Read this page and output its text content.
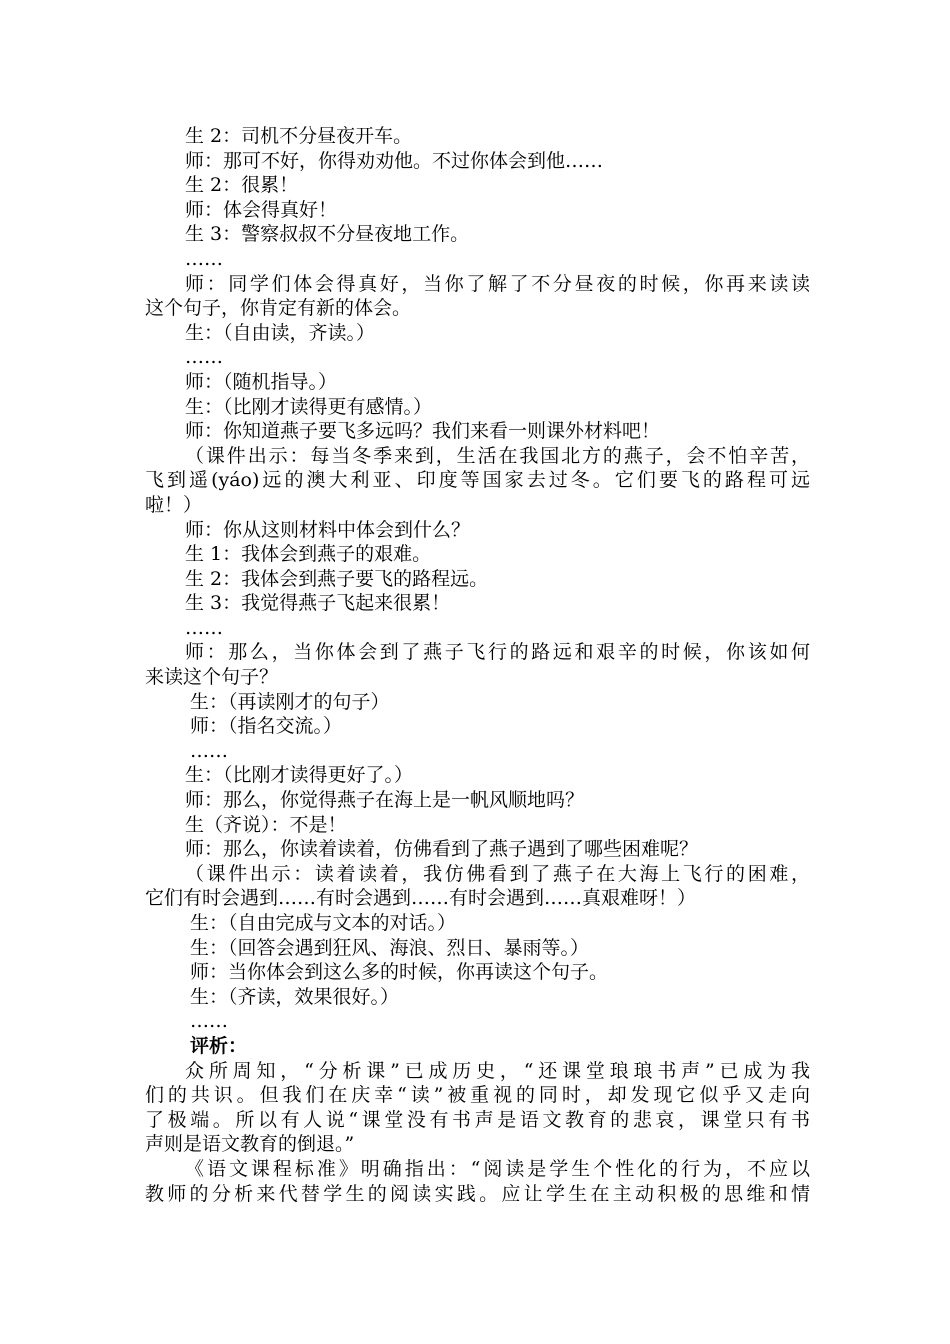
生 2：司机不分昼夜开车。
师：那可不好，你得劝劝他。不过你体会到他……
生 2：很累！
师：体会得真好！
生 3：警察叔叔不分昼夜地工作。
……
师：同学们体会得真好，当你了解了不分昼夜的时候，你再来读读
这个句子，你肯定有新的体会。
生：（自由读，齐读。）
……
师：（随机指导。）
生：（比刚才读得更有感情。）
师：你知道燕子要飞多远吗？我们来看一则课外材料吧！
（课件出示：每当冬季来到，生活在我国北方的燕子，会不怕辛苦，
飞到遥(yáo)远的澳大利亚、印度等国家去过冬。它们要飞的路程可远
啦！）
师：你从这则材料中体会到什么？
生 1：我体会到燕子的艰难。
生 2：我体会到燕子要飞的路程远。
生 3：我觉得燕子飞起来很累！
……
师：那么，当你体会到了燕子飞行的路远和艰辛的时候，你该如何
来读这个句子？
生：（再读刚才的句子）
师：（指名交流。）
……
生：（比刚才读得更好了。）
师：那么，你觉得燕子在海上是一帆风顺地吗？
生（齐说）：不是！
师：那么，你读着读着，仿佛看到了燕子遇到了哪些困难呢？
（课件出示：读着读着，我仿佛看到了燕子在大海上飞行的困难，
它们有时会遇到……有时会遇到……有时会遇到……真艰难呀！）
生：（自由完成与文本的对话。）
生：（回答会遇到狂风、海浪、烈日、暴雨等。）
师：当你体会到这么多的时候，你再读这个句子。
生：（齐读，效果很好。）
……
评析：
众所周知，“分析课”已成历史，“还课堂琅琅书声”已成为我
们的共识。但我们在庆幸“读”被重视的同时，却发现它似乎又走向
了极端。所以有人说“课堂没有书声是语文教育的悲哀，课堂只有书
声则是语文教育的倒退。”
《语文课程标准》明确指出：“阅读是学生个性化的行为，不应以
教师的分析来代替学生的阅读实践。应让学生在主动积极的思维和情
